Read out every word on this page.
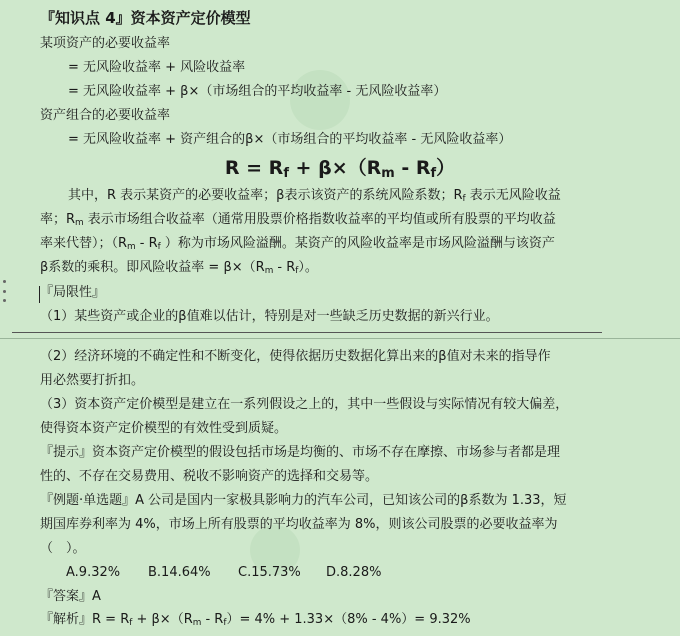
『知识点 4』资本资产定价模型
某项资产的必要收益率
= 无风险收益率 + 风险收益率
= 无风险收益率 + β×（市场组合的平均收益率 - 无风险收益率）
资产组合的必要收益率
= 无风险收益率 + 资产组合的β×（市场组合的平均收益率 - 无风险收益率）
$R = R_f + \beta\times(R_m - R_f)$
其中，R 表示某资产的必要收益率；β表示该资产的系统风险系数；$R_f$ 表示无风险收益
率；$R_m$ 表示市场组合收益率（通常用股票价格指数收益率的平均值或所有股票的平均收益
率来代替）；（$R_m - R_f$ ）称为市场风险溢酬。某资产的风险收益率是市场风险溢酬与该资产
β系数的乘积。即风险收益率 = $\beta\times(R_m - R_f)$。
『局限性』
（1）某些资产或企业的β值难以估计，特别是对一些缺乏历史数据的新兴行业。
（2）经济环境的不确定性和不断变化，使得依据历史数据化算出来的β值对未来的指导作
用必然要打折扣。
（3）资本资产定价模型是建立在一系列假设之上的，其中一些假设与实际情况有较大偏差，
使得资本资产定价模型的有效性受到质疑。
『提示』资本资产定价模型的假设包括市场是均衡的、市场不存在摩擦、市场参与者都是理
性的、不存在交易费用、税收不影响资产的选择和交易等。
『例题·单选题』A 公司是国内一家极具影响力的汽车公司，已知该公司的β系数为 1.33，短
期国库券利率为 4%，市场上所有股票的平均收益率为 8%，则该公司股票的必要收益率为
（　）。
A.9.32% B.14.64% C.15.73% D.8.28%
『答案』A
『解析』$R = R_f + \beta\times(R_m - R_f)= 4\% + 1.33\times(8\% - 4\%)= 9.32\%$
